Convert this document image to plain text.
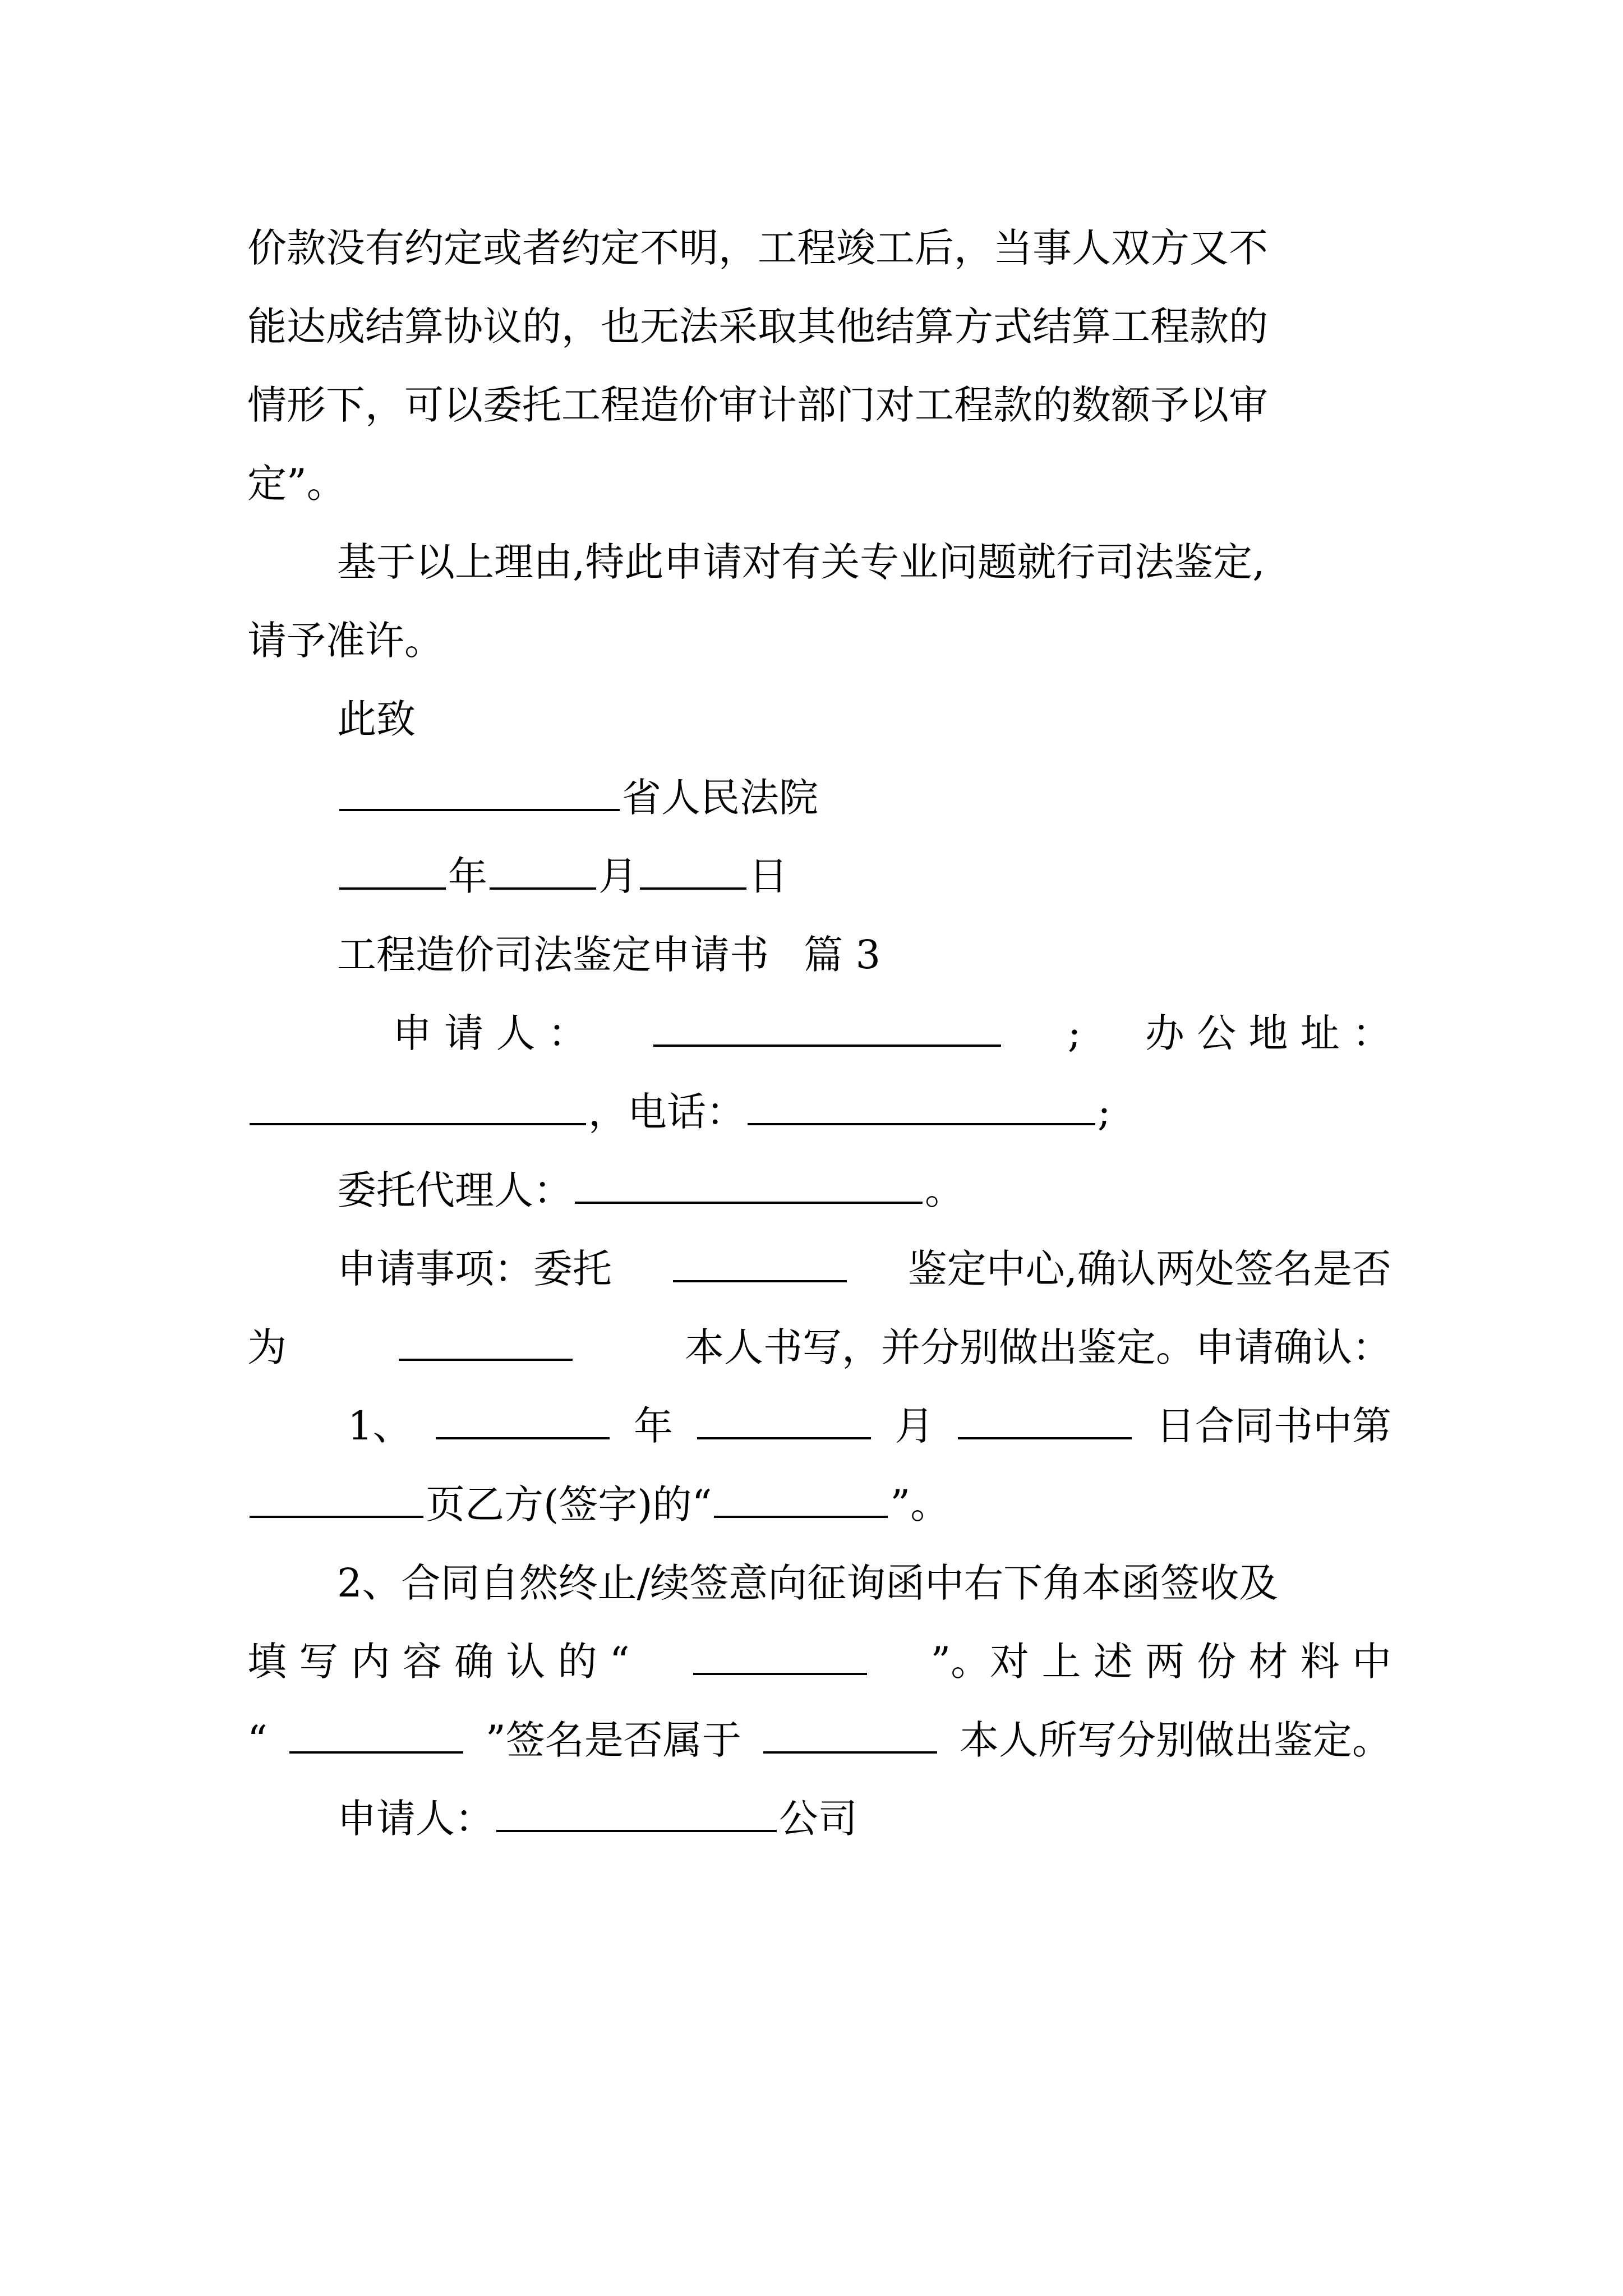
价款没有约定或者约定不明，工程竣工后，当事人双方又不
能达成结算协议的，也无法采取其他结算方式结算工程款的
情形下，可以委托工程造价审计部门对工程款的数额予以审
定”。
基于以上理由,特此申请对有关专业问题就行司法鉴定,
请予准许。
此致
省人民法院
年	月	日
工程造价司法鉴定申请书 篇 3
申 请 人 ：	; 办 公 地 址 ：
，电话：	;
委托代理人：	。
申请事项：委托	鉴定中心,确认两处签名是否
为	本人书写，并分别做出鉴定。申请确认：
1、	年	月	日合同书中第
页乙方(签字)的“	”。
2、合同自然终止/续签意向征询函中右下角本函签收及
填 写 内 容 确 认 的 “	”。对 上 述 两 份 材 料 中
“	”签名是否属于	本人所写分别做出鉴定。
申请人：	公司
